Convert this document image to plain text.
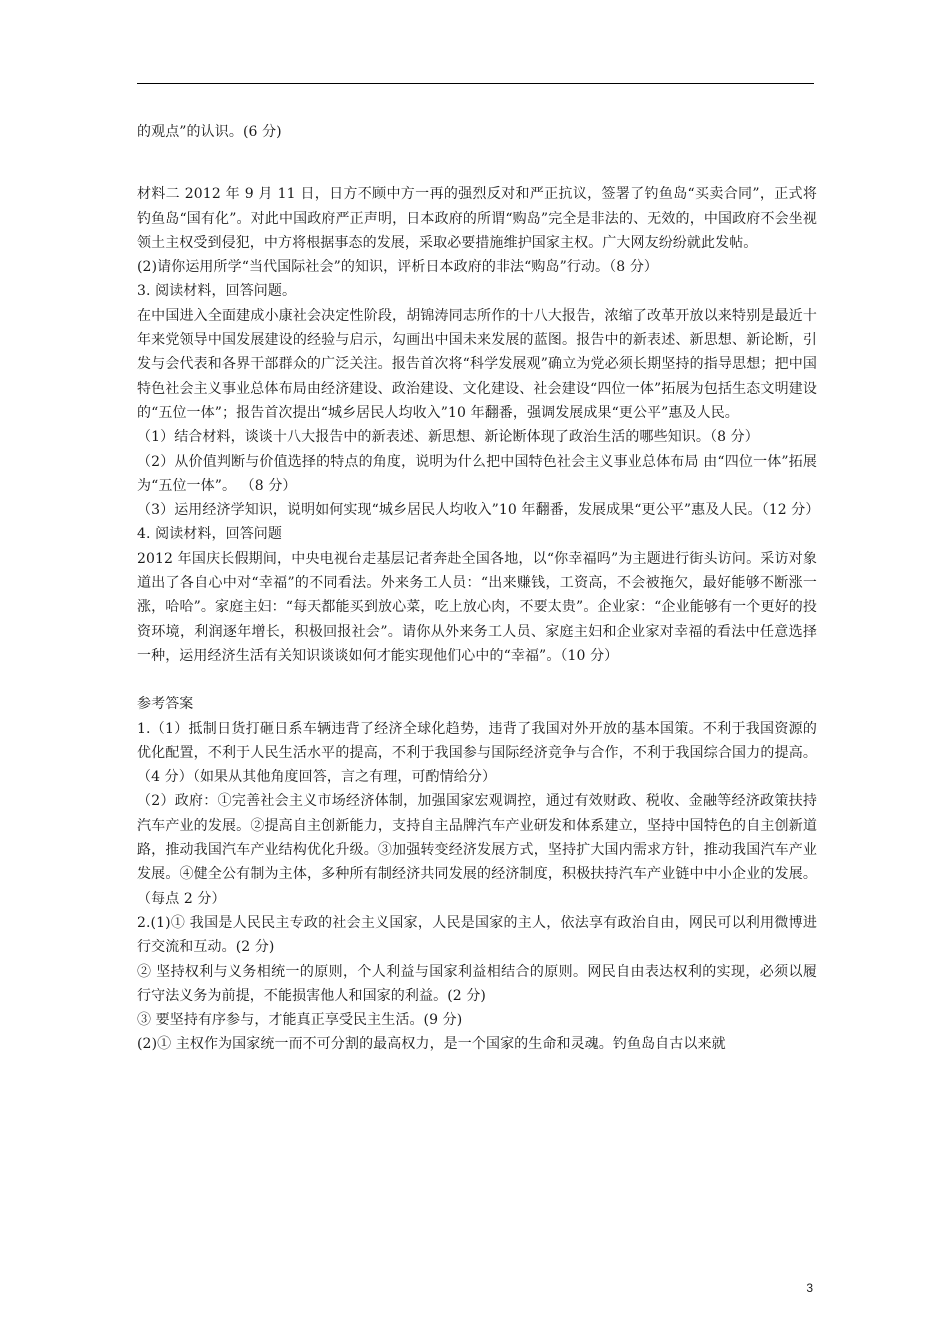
的观点”的认识。(6 分)

材料二 2012 年 9 月 11 日，日方不顾中方一再的强烈反对和严正抗议，签署了钓鱼岛“买卖合同”，正式将钓鱼岛“国有化”。对此中国政府严正声明，日本政府的所谓“购岛”完全是非法的、无效的，中国政府不会坐视领土主权受到侵犯，中方将根据事态的发展，采取必要措施维护国家主权。广大网友纷纷就此发帖。

(2)请你运用所学“当代国际社会”的知识，评析日本政府的非法“购岛”行动。（8 分）

3. 阅读材料，回答问题。

在中国进入全面建成小康社会决定性阶段，胡锦涛同志所作的十八大报告，浓缩了改革开放以来特别是最近十年来党领导中国发展建设的经验与启示，勾画出中国未来发展的蓝图。报告中的新表述、新思想、新论断，引发与会代表和各界干部群众的广泛关注。报告首次将“科学发展观”确立为党必须长期坚持的指导思想；把中国特色社会主义事业总体布局由经济建设、政治建设、文化建设、社会建设“四位一体”拓展为包括生态文明建设的“五位一体”；报告首次提出“城乡居民人均收入”10 年翻番，强调发展成果“更公平”惠及人民。

（1）结合材料，谈谈十八大报告中的新表述、新思想、新论断体现了政治生活的哪些知识。（8 分）

（2）从价值判断与价值选择的特点的角度，说明为什么把中国特色社会主义事业总体布局 由“四位一体”拓展 为“五位一体”。 （8 分）

（3）运用经济学知识，说明如何实现“城乡居民人均收入”10 年翻番，发展成果“更公平”惠及人民。（12 分）

4. 阅读材料，回答问题

2012 年国庆长假期间，中央电视台走基层记者奔赴全国各地，以“你幸福吗”为主题进行街头访问。采访对象道出了各自心中对“幸福”的不同看法。外来务工人员：“出来赚钱，工资高，不会被拖欠，最好能够不断涨一涨，哈哈”。家庭主妇：“每天都能买到放心菜，吃上放心肉，不要太贵”。企业家：“企业能够有一个更好的投资环境，利润逐年增长，积极回报社会”。请你从外来务工人员、家庭主妇和企业家对幸福的看法中任意选择一种，运用经济生活有关知识谈谈如何才能实现他们心中的“幸福”。（10 分）

参考答案

1.（1）抵制日货打砸日系车辆违背了经济全球化趋势，违背了我国对外开放的基本国策。不利于我国资源的优化配置，不利于人民生活水平的提高，不利于我国参与国际经济竞争与合作，不利于我国综合国力的提高。（4 分）（如果从其他角度回答，言之有理，可酌情给分）

（2）政府：①完善社会主义市场经济体制，加强国家宏观调控，通过有效财政、税收、金融等经济政策扶持汽车产业的发展。②提高自主创新能力，支持自主品牌汽车产业研发和体系建立，坚持中国特色的自主创新道路，推动我国汽车产业结构优化升级。③加强转变经济发展方式，坚持扩大国内需求方针，推动我国汽车产业发展。④健全公有制为主体，多种所有制经济共同发展的经济制度，积极扶持汽车产业链中中小企业的发展。（每点 2 分）

2.(1)① 我国是人民民主专政的社会主义国家，人民是国家的主人，依法享有政治自由，网民可以利用微博进行交流和互动。(2 分)

② 坚持权利与义务相统一的原则，个人利益与国家利益相结合的原则。网民自由表达权利的实现，必须以履行守法义务为前提，不能损害他人和国家的利益。(2 分)

③ 要坚持有序参与，才能真正享受民主生活。(9 分)

(2)① 主权作为国家统一而不可分割的最高权力，是一个国家的生命和灵魂。钓鱼岛自古以来就

3
